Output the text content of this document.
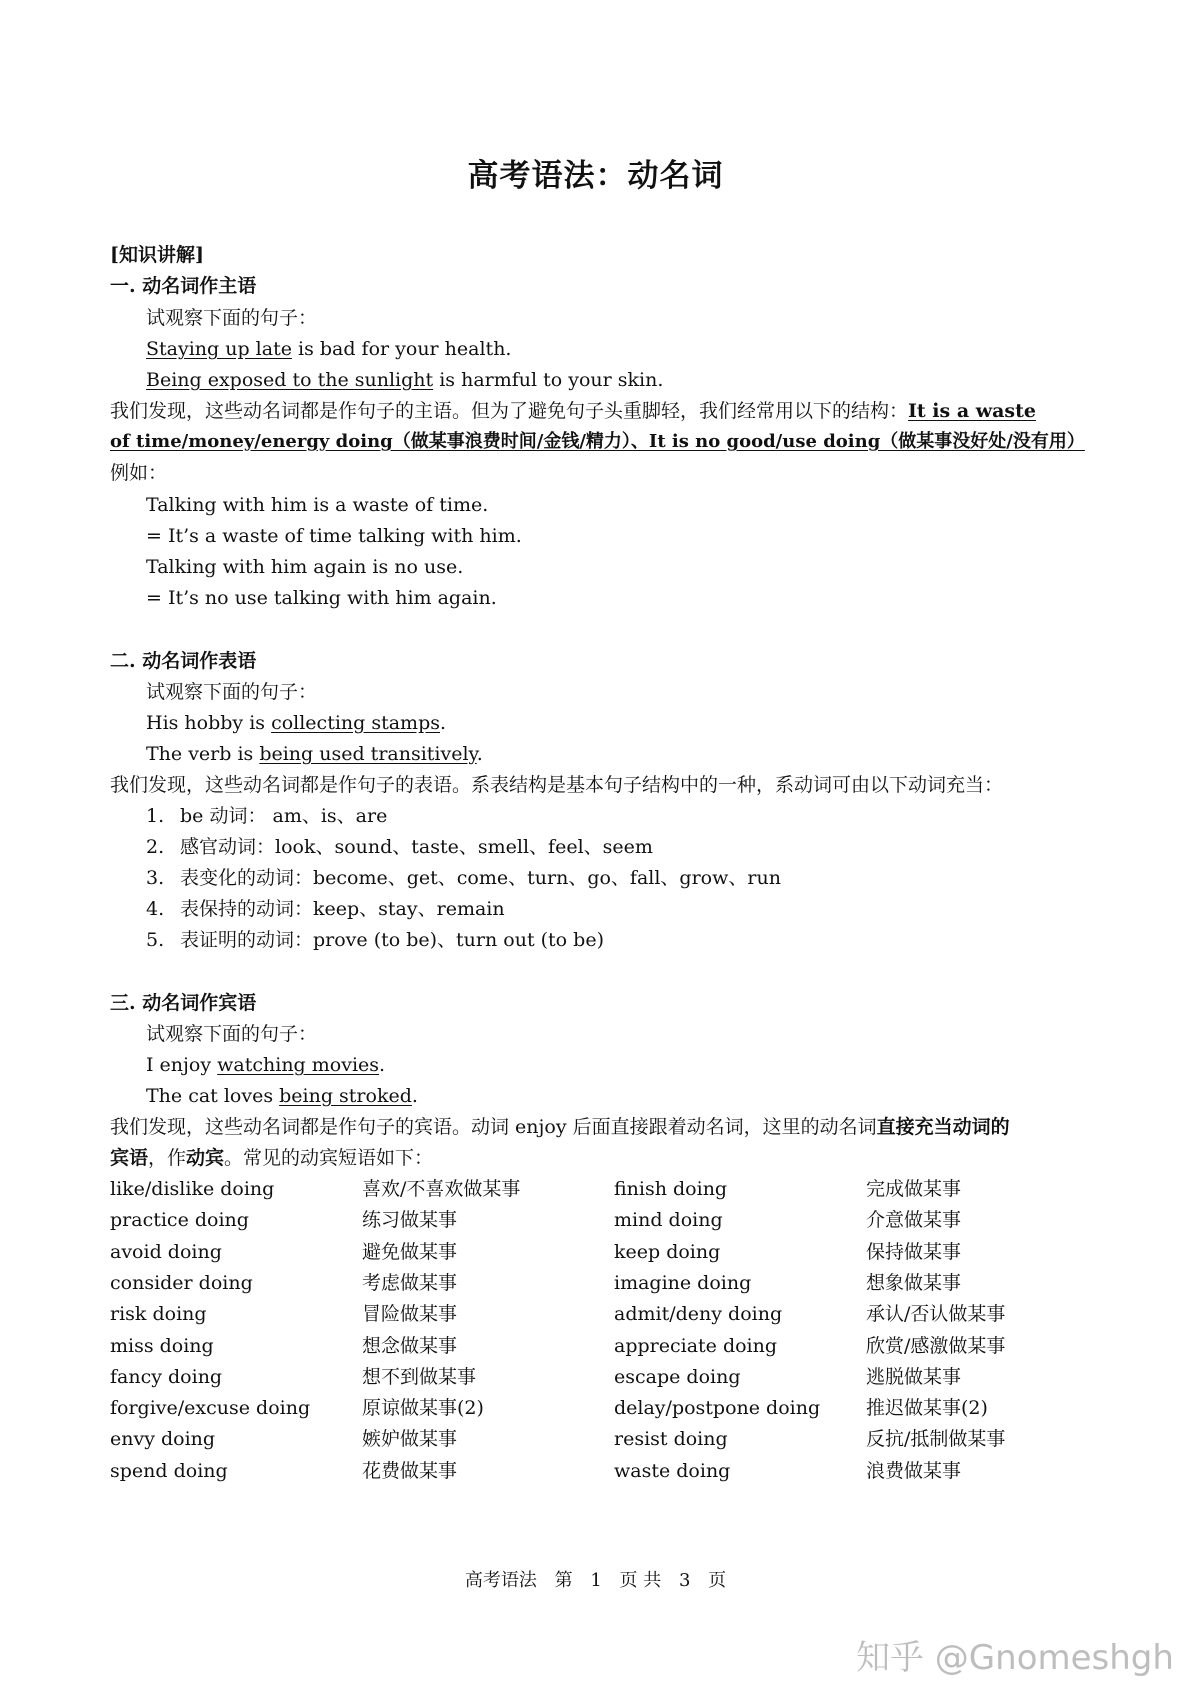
高考语法：动名词
[知识讲解]
一. 动名词作主语
试观察下面的句子：
Staying up late is bad for your health.
Being exposed to the sunlight is harmful to your skin.
我们发现，这些动名词都是作句子的主语。但为了避免句子头重脚轻，我们经常用以下的结构：It is a waste
of time/money/energy doing（做某事浪费时间/金钱/精力）、It is no good/use doing（做某事没好处/没有用）
例如：
Talking with him is a waste of time.
= It’s a waste of time talking with him.
Talking with him again is no use.
= It’s no use talking with him again.
二. 动名词作表语
试观察下面的句子：
His hobby is collecting stamps.
The verb is being used transitively.
我们发现，这些动名词都是作句子的表语。系表结构是基本句子结构中的一种，系动词可由以下动词充当：
1. be 动词： am、is、are
2. 感官动词：look、sound、taste、smell、feel、seem
3. 表变化的动词：become、get、come、turn、go、fall、grow、run
4. 表保持的动词：keep、stay、remain
5. 表证明的动词：prove (to be)、turn out (to be)
三. 动名词作宾语
试观察下面的句子：
I enjoy watching movies.
The cat loves being stroked.
我们发现，这些动名词都是作句子的宾语。动词 enjoy 后面直接跟着动名词，这里的动名词直接充当动词的
宾语，作动宾。常见的动宾短语如下：
like/dislike doing	喜欢/不喜欢做某事	finish doing	完成做某事
practice doing	练习做某事	mind doing	介意做某事
avoid doing	避免做某事	keep doing	保持做某事
consider doing	考虑做某事	imagine doing	想象做某事
risk doing	冒险做某事	admit/deny doing	承认/否认做某事
miss doing	想念做某事	appreciate doing	欣赏/感激做某事
fancy doing	想不到做某事	escape doing	逃脱做某事
forgive/excuse doing	原谅做某事(2)	delay/postpone doing 推迟做某事(2)
envy doing	嫉妒做某事	resist doing	反抗/抵制做某事
spend doing	花费做某事	waste doing	浪费做某事
高考语法 第 1 页 共 3 页
知乎 @Gnomeshgh
